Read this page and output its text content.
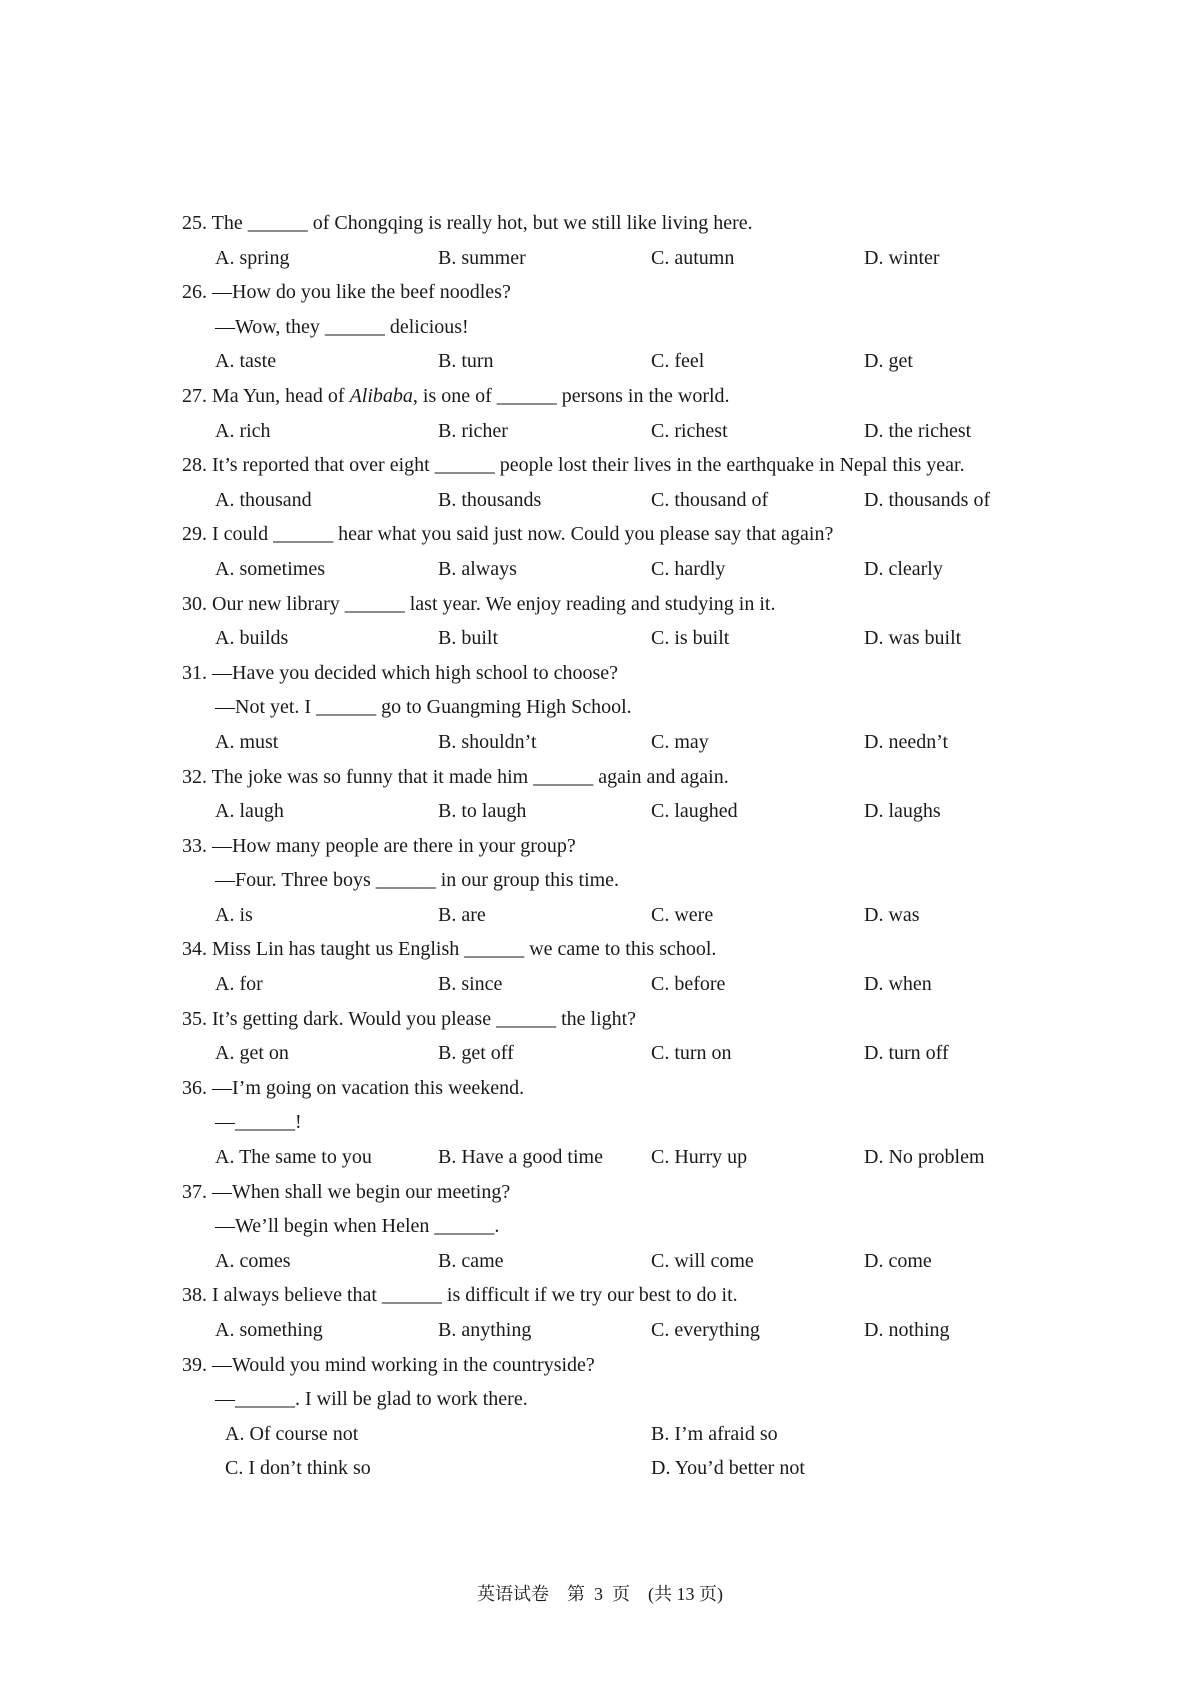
25. The ______ of Chongqing is really hot, but we still like living here.
A. spring	B. summer	C. autumn	D. winter
26. —How do you like the beef noodles?
—Wow, they ______ delicious!
A. taste	B. turn	C. feel	D. get
27. Ma Yun, head of Alibaba, is one of ______ persons in the world.
A. rich	B. richer	C. richest	D. the richest
28. It’s reported that over eight ______ people lost their lives in the earthquake in Nepal this year.
A. thousand	B. thousands	C. thousand of	D. thousands of
29. I could ______ hear what you said just now. Could you please say that again?
A. sometimes	B. always	C. hardly	D. clearly
30. Our new library ______ last year. We enjoy reading and studying in it.
A. builds	B. built	C. is built	D. was built
31. —Have you decided which high school to choose?
—Not yet. I ______ go to Guangming High School.
A. must	B. shouldn’t	C. may	D. needn’t
32. The joke was so funny that it made him ______ again and again.
A. laugh	B. to laugh	C. laughed	D. laughs
33. —How many people are there in your group?
—Four. Three boys ______ in our group this time.
A. is	B. are	C. were	D. was
34. Miss Lin has taught us English ______ we came to this school.
A. for	B. since	C. before	D. when
35. It’s getting dark. Would you please ______ the light?
A. get on	B. get off	C. turn on	D. turn off
36. —I’m going on vacation this weekend.
—______!
A. The same to you	B. Have a good time C. Hurry up	D. No problem
37. —When shall we begin our meeting?
—We’ll begin when Helen ______.
A. comes	B. came	C. will come	D. come
38. I always believe that ______ is difficult if we try our best to do it.
A. something	B. anything	C. everything	D. nothing
39. —Would you mind working in the countryside?
—______. I will be glad to work there.
A. Of course not	B. I’m afraid so
C. I don’t think so	D. You’d better not
英语试卷 第  3  页 (共 13 页)
